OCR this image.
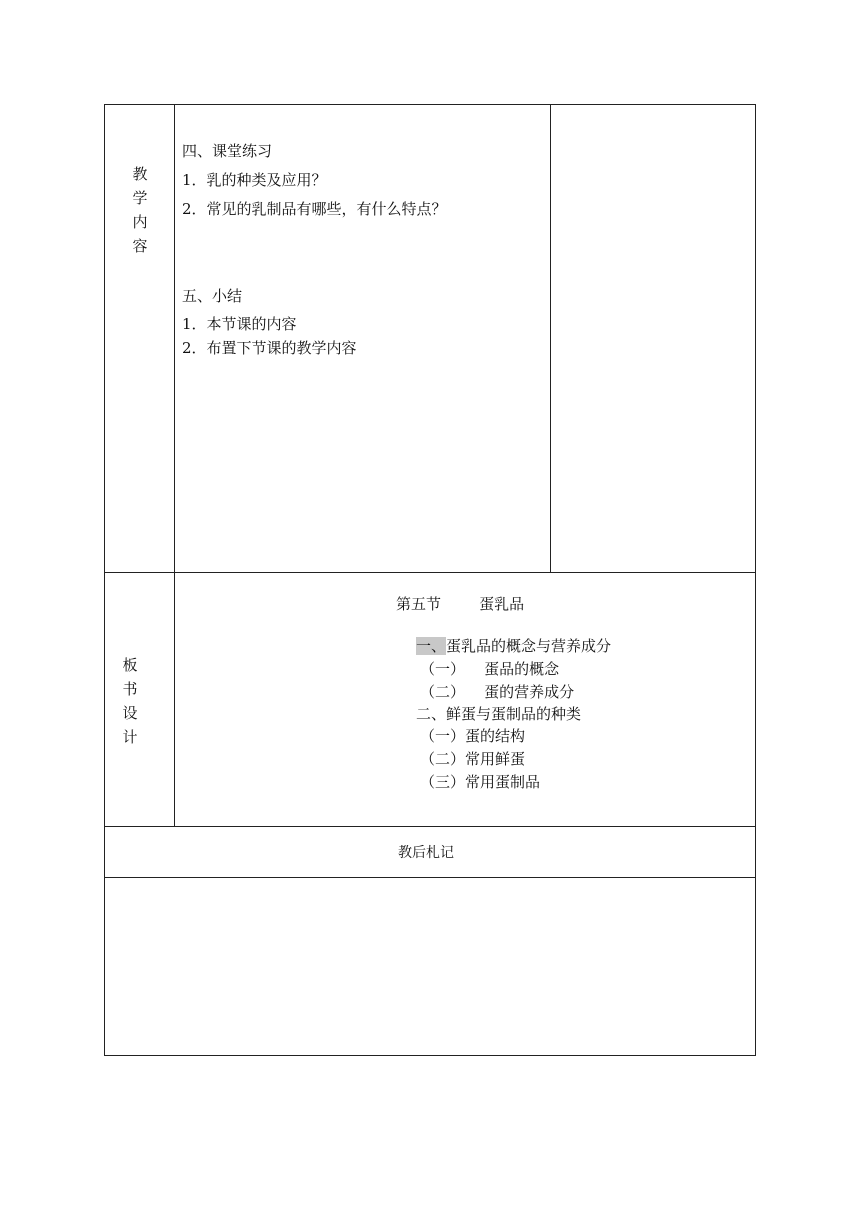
教
学
内
容
四、课堂练习
1．乳的种类及应用？
2．常见的乳制品有哪些，有什么特点？
五、小结
1．本节课的内容
2．布置下节课的教学内容
板
书
设
计
第五节        蛋乳品
一、蛋乳品的概念与营养成分
（一）    蛋品的概念
（二）    蛋的营养成分
二、鲜蛋与蛋制品的种类
（一）蛋的结构
（二）常用鲜蛋
（三）常用蛋制品
教后札记
